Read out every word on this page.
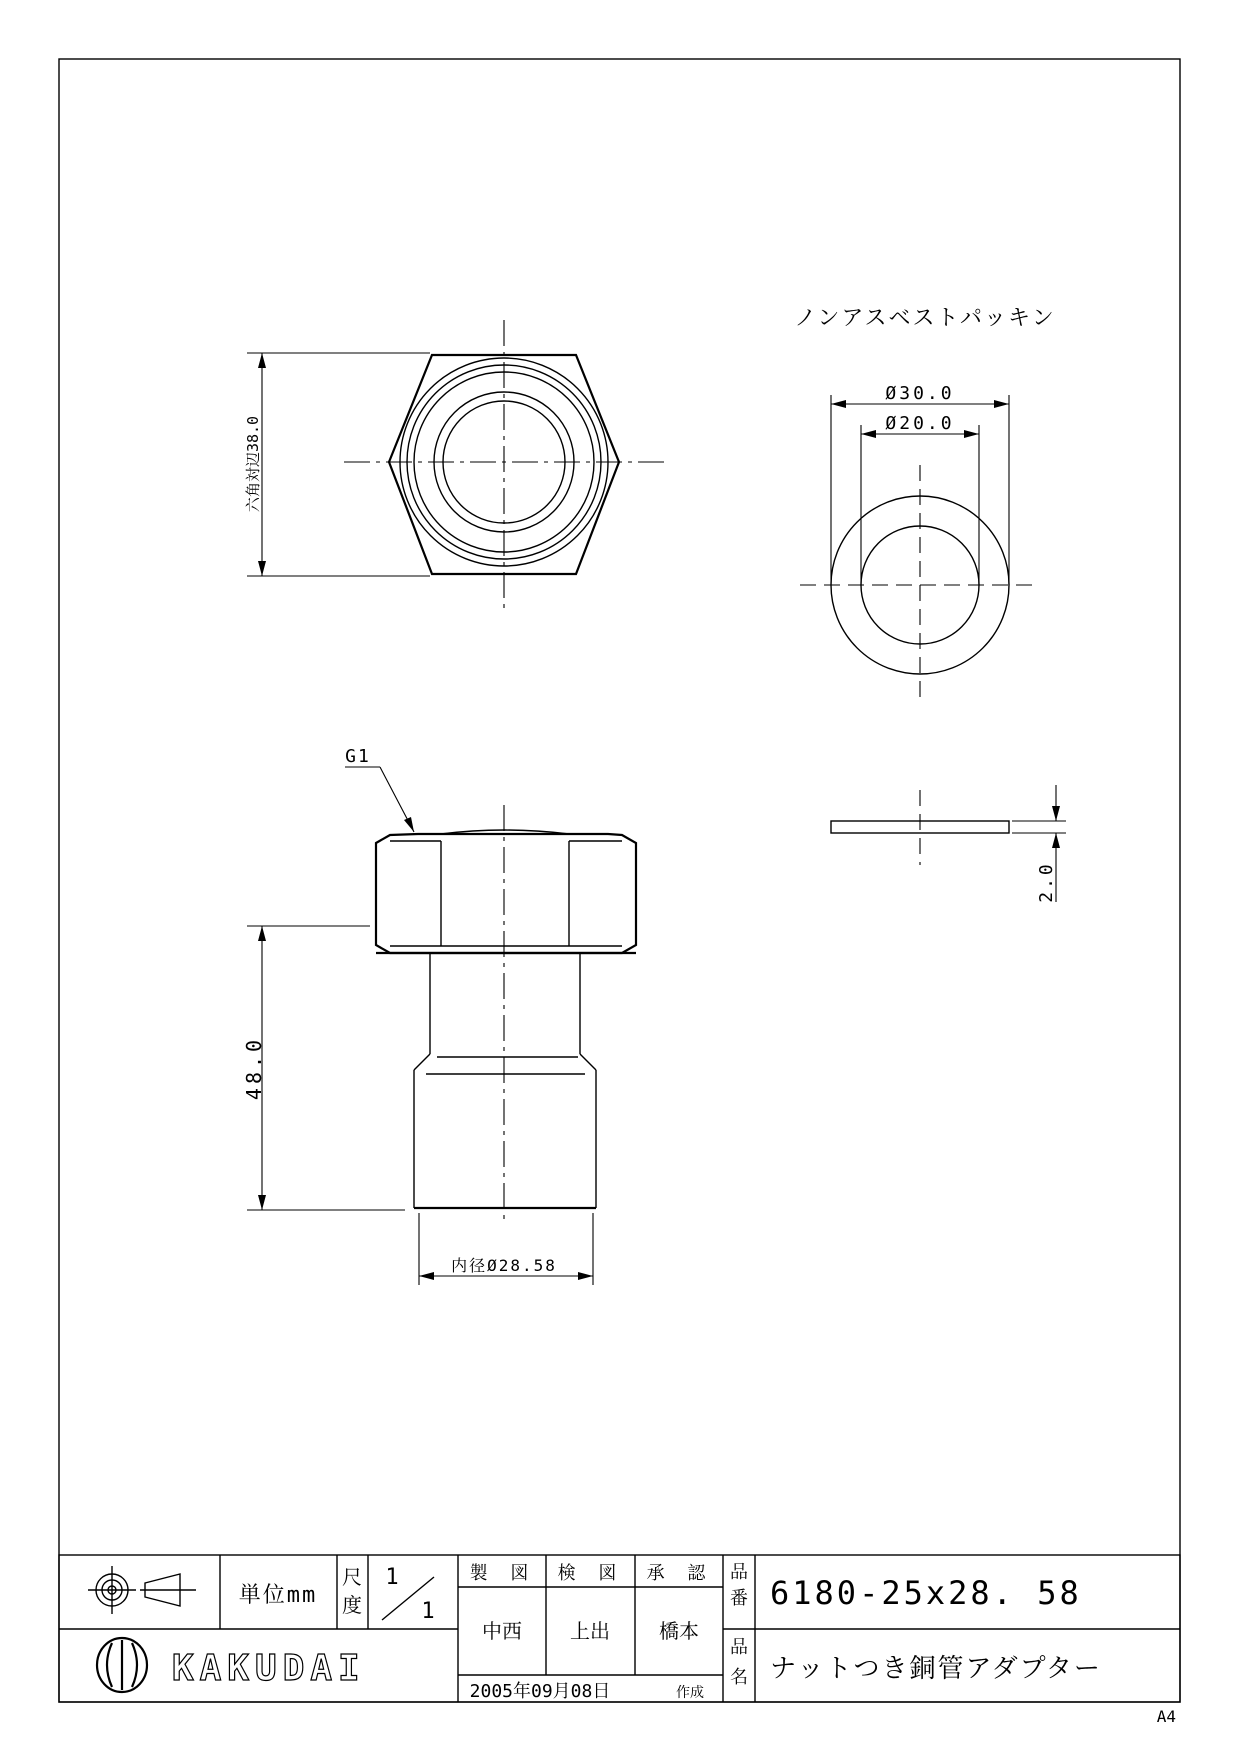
六角対辺38.0
ノンアスベストパッキン
Ø30.0
Ø20.0
2.0
G1
48.0
内径Ø28.58
単位mm
尺
度
1
1
製 図 検 図 承 認
中西 上出 橋本
2005年09月08日	作成
品
番 6180-25x28. 58
品
名 ナットつき銅管アダプター
KAKUDAI
A4
